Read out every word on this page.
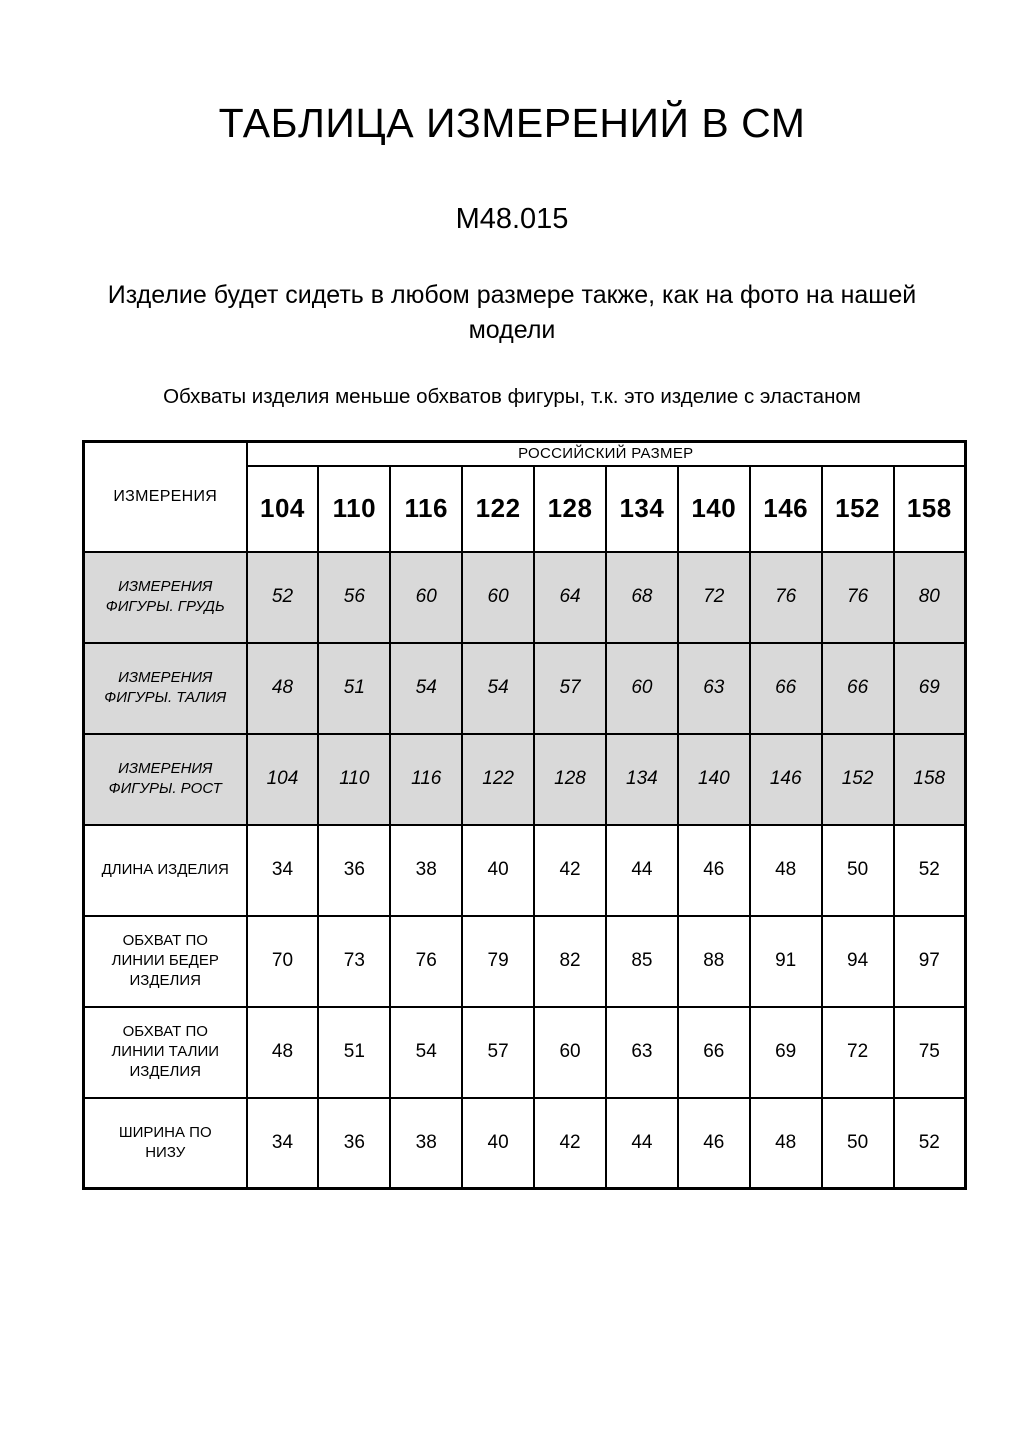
ТАБЛИЦА ИЗМЕРЕНИЙ В СМ
М48.015

Изделие будет сидеть в любом размере также, как на фото на нашей модели

Обхваты изделия меньше обхватов фигуры, т.к. это изделие с эластаном

ИЗМЕРЕНИЯ	РОССИЙСКИЙ РАЗМЕР									
	104	110	116	122	128	134	140	146	152	158

ИЗМЕРЕНИЯ
ФИГУРЫ. ГРУДЬ	52	56	60	60	64	68	72	76	76	80

ИЗМЕРЕНИЯ
ФИГУРЫ. ТАЛИЯ	48	51	54	54	57	60	63	66	66	69

ИЗМЕРЕНИЯ
ФИГУРЫ. РОСТ	104	110	116	122	128	134	140	146	152	158

ДЛИНА ИЗДЕЛИЯ	34	36	38	40	42	44	46	48	50	52

ОБХВАТ ПО
ЛИНИИ БЕДЕР
ИЗДЕЛИЯ	70	73	76	79	82	85	88	91	94	97

ОБХВАТ ПО
ЛИНИИ ТАЛИИ
ИЗДЕЛИЯ	48	51	54	57	60	63	66	69	72	75

ШИРИНА ПО
НИЗУ	34	36	38	40	42	44	46	48	50	52
